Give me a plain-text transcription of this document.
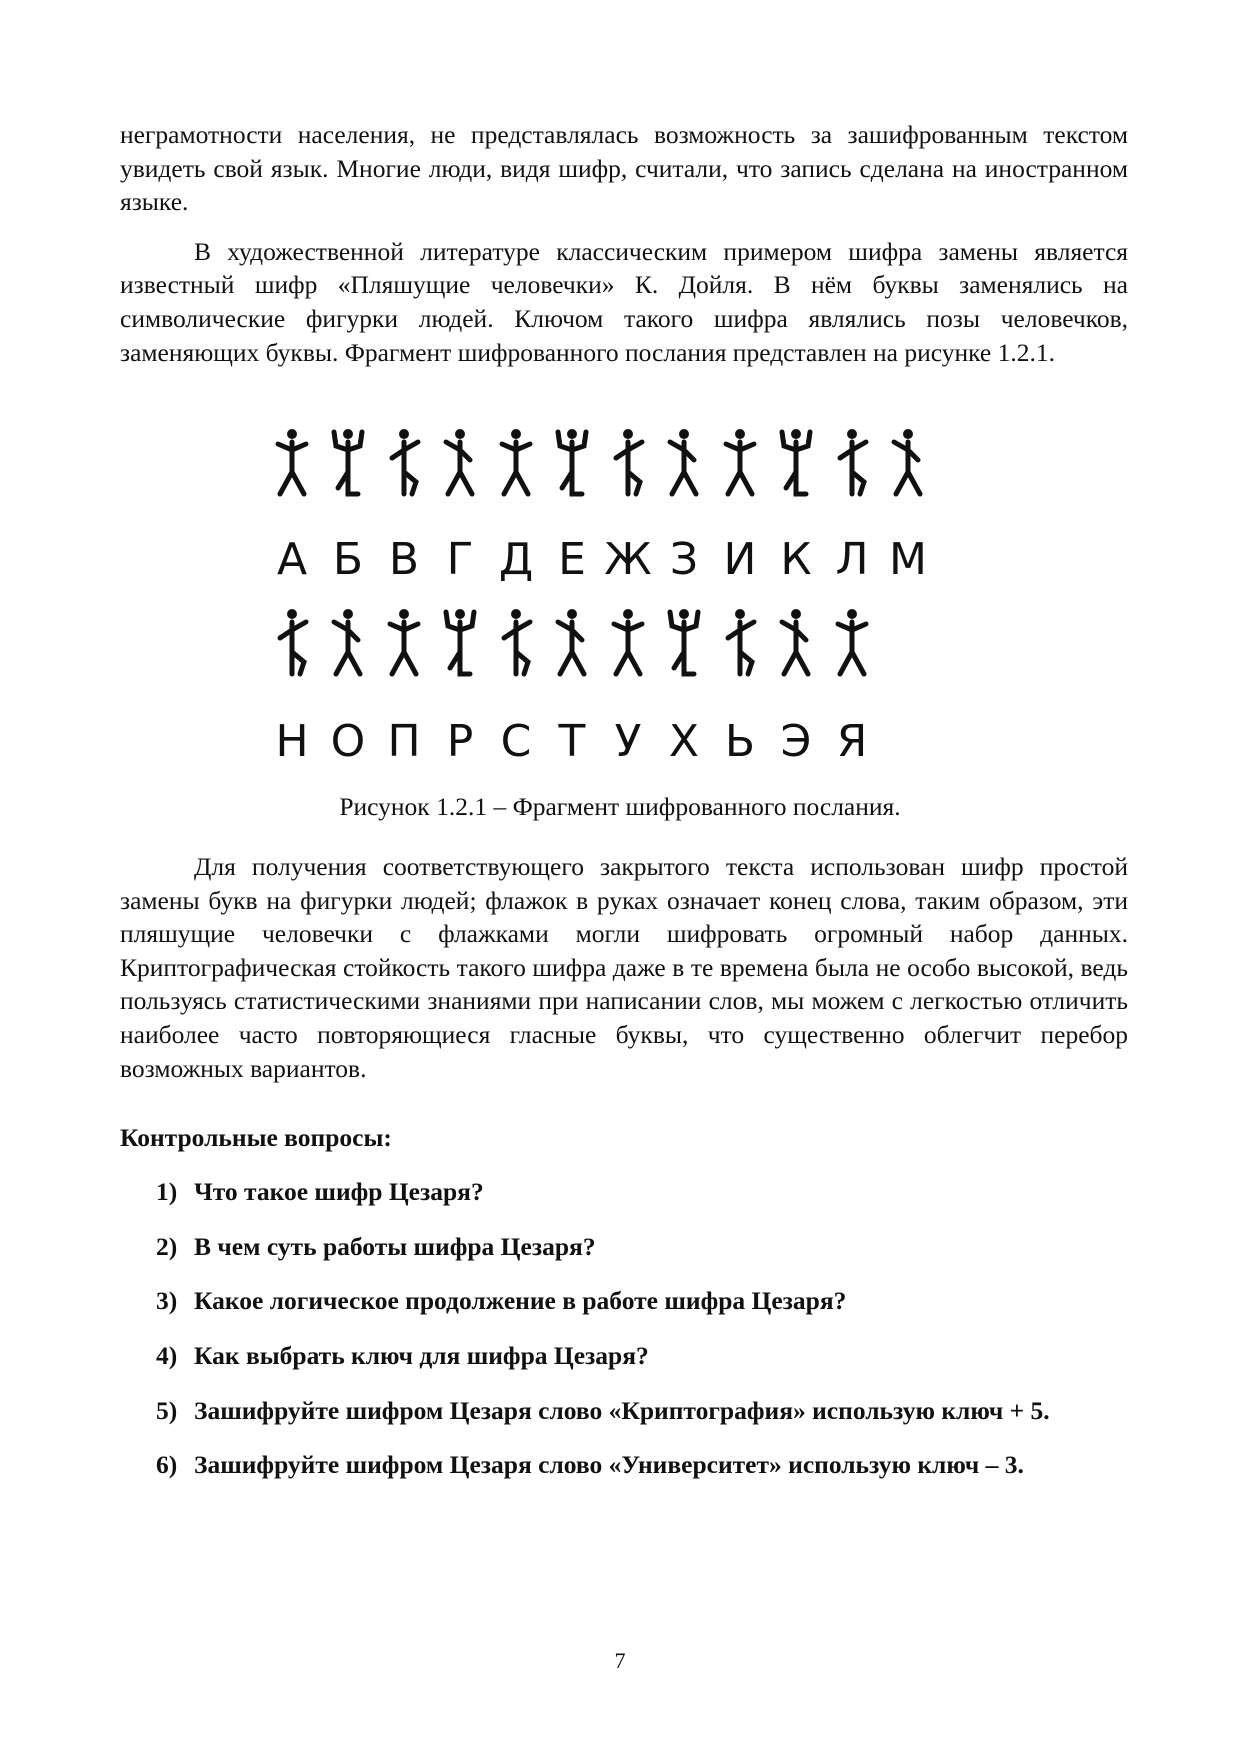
неграмотности населения, не представлялась возможность за зашифрованным текстом увидеть свой язык. Многие люди, видя шифр, считали, что запись сделана на иностранном языке.

В художественной литературе классическим примером шифра замены является известный шифр «Пляшущие человечки» К. Дойля. В нём буквы заменялись на символические фигурки людей. Ключом такого шифра являлись позы человечков, заменяющих буквы. Фрагмент шифрованного послания представлен на рисунке 1.2.1.

А Б В Г Д Е Ж З И К Л М
Н О П Р С Т У Х Ь Э Я
Рисунок 1.2.1 – Фрагмент шифрованного послания.

Для получения соответствующего закрытого текста использован шифр простой замены букв на фигурки людей; флажок в руках означает конец слова, таким образом, эти пляшущие человечки с флажками могли шифровать огромный набор данных. Криптографическая стойкость такого шифра даже в те времена была не особо высокой, ведь пользуясь статистическими знаниями при написании слов, мы можем с легкостью отличить наиболее часто повторяющиеся гласные буквы, что существенно облегчит перебор возможных вариантов.

Контрольные вопросы:
1) Что такое шифр Цезаря?
2) В чем суть работы шифра Цезаря?
3) Какое логическое продолжение в работе шифра Цезаря?
4) Как выбрать ключ для шифра Цезаря?
5) Зашифруйте шифром Цезаря слово «Криптография» использую ключ + 5.
6) Зашифруйте шифром Цезаря слово «Университет» использую ключ – 3.
7
